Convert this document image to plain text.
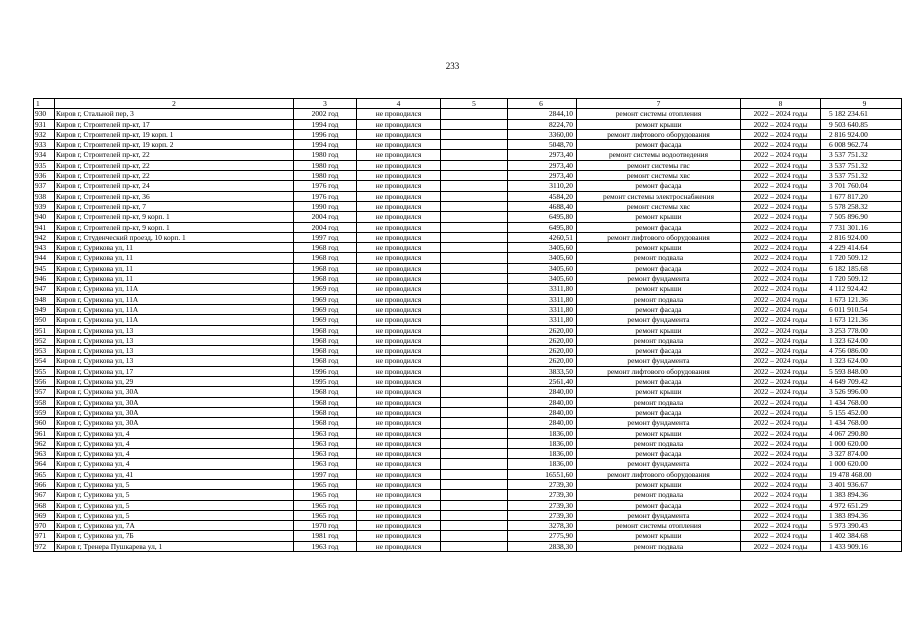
233
1	2	3	4	5	6	7	8	9
930	Киров г, Стальной пер, 3	2002 год	не проводился		2844,10	ремонт системы отопления	2022 – 2024 годы	5 182 234.61
931	Киров г, Строителей пр-кт, 17	1994 год	не проводился		8224,70	ремонт крыши	2022 – 2024 годы	9 503 640.85
932	Киров г, Строителей пр-кт, 19 корп. 1	1996 год	не проводился		3360,00	ремонт лифтового оборудования	2022 – 2024 годы	2 816 924.00
933	Киров г, Строителей пр-кт, 19 корп. 2	1994 год	не проводился		5048,70	ремонт фасада	2022 – 2024 годы	6 008 962.74
934	Киров г, Строителей пр-кт, 22	1980 год	не проводился		2973,40	ремонт системы водоотведения	2022 – 2024 годы	3 537 751.32
935	Киров г, Строителей пр-кт, 22	1980 год	не проводился		2973,40	ремонт системы гвс	2022 – 2024 годы	3 537 751.32
936	Киров г, Строителей пр-кт, 22	1980 год	не проводился		2973,40	ремонт системы хвс	2022 – 2024 годы	3 537 751.32
937	Киров г, Строителей пр-кт, 24	1976 год	не проводился		3110,20	ремонт фасада	2022 – 2024 годы	3 701 760.04
938	Киров г, Строителей пр-кт, 36	1976 год	не проводился		4584,20	ремонт системы электроснабжения	2022 – 2024 годы	1 677 817.20
939	Киров г, Строителей пр-кт, 7	1990 год	не проводился		4688,40	ремонт системы хвс	2022 – 2024 годы	5 578 258.32
940	Киров г, Строителей пр-кт, 9 корп. 1	2004 год	не проводился		6495,80	ремонт крыши	2022 – 2024 годы	7 505 896.90
941	Киров г, Строителей пр-кт, 9 корп. 1	2004 год	не проводился		6495,80	ремонт фасада	2022 – 2024 годы	7 731 301.16
942	Киров г, Студенческий проезд, 10 корп. 1	1997 год	не проводился		4260,51	ремонт лифтового оборудования	2022 – 2024 годы	2 816 924.00
943	Киров г, Сурикова ул, 11	1968 год	не проводился		3405,60	ремонт крыши	2022 – 2024 годы	4 229 414.64
944	Киров г, Сурикова ул, 11	1968 год	не проводился		3405,60	ремонт подвала	2022 – 2024 годы	1 720 509.12
945	Киров г, Сурикова ул, 11	1968 год	не проводился		3405,60	ремонт фасада	2022 – 2024 годы	6 182 185.68
946	Киров г, Сурикова ул, 11	1968 год	не проводился		3405,60	ремонт фундамента	2022 – 2024 годы	1 720 509.12
947	Киров г, Сурикова ул, 11А	1969 год	не проводился		3311,80	ремонт крыши	2022 – 2024 годы	4 112 924.42
948	Киров г, Сурикова ул, 11А	1969 год	не проводился		3311,80	ремонт подвала	2022 – 2024 годы	1 673 121.36
949	Киров г, Сурикова ул, 11А	1969 год	не проводился		3311,80	ремонт фасада	2022 – 2024 годы	6 011 910.54
950	Киров г, Сурикова ул, 11А	1969 год	не проводился		3311,80	ремонт фундамента	2022 – 2024 годы	1 673 121.36
951	Киров г, Сурикова ул, 13	1968 год	не проводился		2620,00	ремонт крыши	2022 – 2024 годы	3 253 778.00
952	Киров г, Сурикова ул, 13	1968 год	не проводился		2620,00	ремонт подвала	2022 – 2024 годы	1 323 624.00
953	Киров г, Сурикова ул, 13	1968 год	не проводился		2620,00	ремонт фасада	2022 – 2024 годы	4 756 086.00
954	Киров г, Сурикова ул, 13	1968 год	не проводился		2620,00	ремонт фундамента	2022 – 2024 годы	1 323 624.00
955	Киров г, Сурикова ул, 17	1996 год	не проводился		3833,50	ремонт лифтового оборудования	2022 – 2024 годы	5 593 848.00
956	Киров г, Сурикова ул, 29	1995 год	не проводился		2561,40	ремонт фасада	2022 – 2024 годы	4 649 709.42
957	Киров г, Сурикова ул, 30А	1968 год	не проводился		2840,00	ремонт крыши	2022 – 2024 годы	3 526 996.00
958	Киров г, Сурикова ул, 30А	1968 год	не проводился		2840,00	ремонт подвала	2022 – 2024 годы	1 434 768.00
959	Киров г, Сурикова ул, 30А	1968 год	не проводился		2840,00	ремонт фасада	2022 – 2024 годы	5 155 452.00
960	Киров г, Сурикова ул, 30А	1968 год	не проводился		2840,00	ремонт фундамента	2022 – 2024 годы	1 434 768.00
961	Киров г, Сурикова ул, 4	1963 год	не проводился		1836,00	ремонт крыши	2022 – 2024 годы	4 067 290.80
962	Киров г, Сурикова ул, 4	1963 год	не проводился		1836,00	ремонт подвала	2022 – 2024 годы	1 000 620.00
963	Киров г, Сурикова ул, 4	1963 год	не проводился		1836,00	ремонт фасада	2022 – 2024 годы	3 327 874.00
964	Киров г, Сурикова ул, 4	1963 год	не проводился		1836,00	ремонт фундамента	2022 – 2024 годы	1 000 620.00
965	Киров г, Сурикова ул, 41	1997 год	не проводился		16551,60	ремонт лифтового оборудования	2022 – 2024 годы	19 478 468.00
966	Киров г, Сурикова ул, 5	1965 год	не проводился		2739,30	ремонт крыши	2022 – 2024 годы	3 401 936.67
967	Киров г, Сурикова ул, 5	1965 год	не проводился		2739,30	ремонт подвала	2022 – 2024 годы	1 383 894.36
968	Киров г, Сурикова ул, 5	1965 год	не проводился		2739,30	ремонт фасада	2022 – 2024 годы	4 972 651.29
969	Киров г, Сурикова ул, 5	1965 год	не проводился		2739,30	ремонт фундамента	2022 – 2024 годы	1 383 894.36
970	Киров г, Сурикова ул, 7А	1970 год	не проводился		3278,30	ремонт системы отопления	2022 – 2024 годы	5 973 390.43
971	Киров г, Сурикова ул, 7Б	1981 год	не проводился		2775,90	ремонт крыши	2022 – 2024 годы	1 402 384.68
972	Киров г, Тренера Пушкарева ул, 1	1963 год	не проводился		2838,30	ремонт подвала	2022 – 2024 годы	1 433 909.16
